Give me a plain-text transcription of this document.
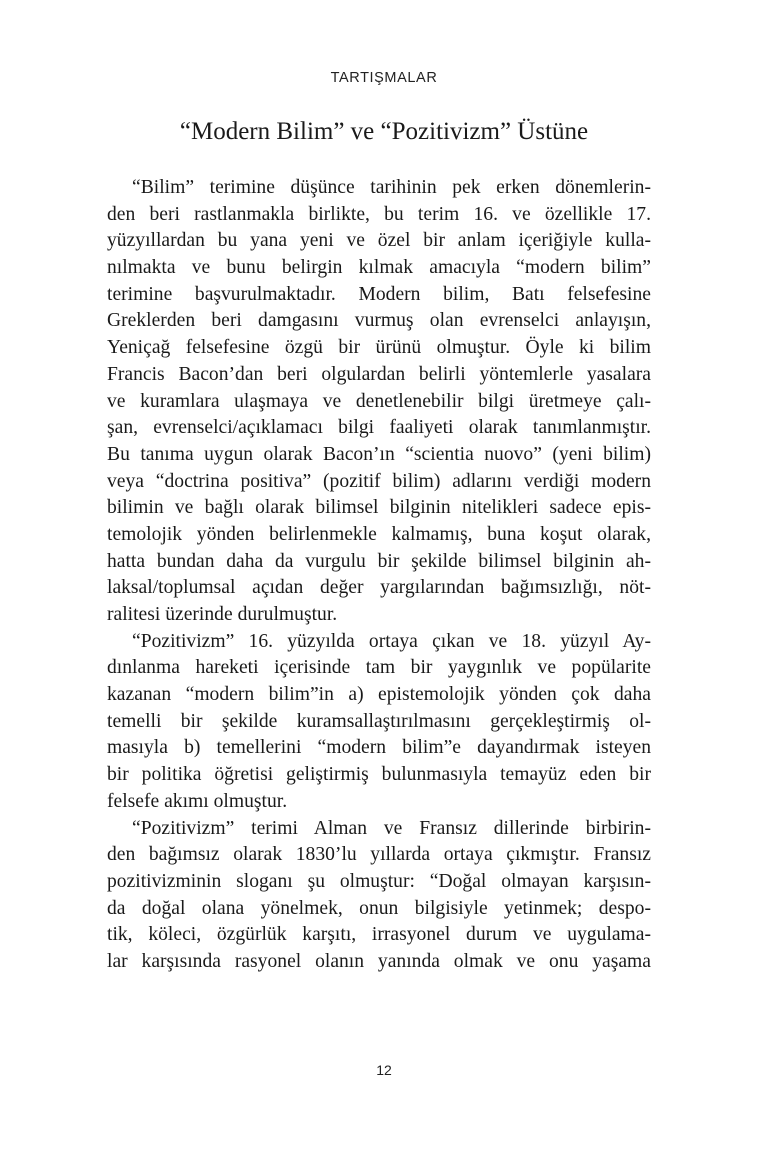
TARTIŞMALAR
“Modern Bilim” ve “Pozitivizm” Üstüne
“Bilim” terimine düşünce tarihinin pek erken dönemlerin-
den beri rastlanmakla birlikte, bu terim 16. ve özellikle 17.
yüzyıllardan bu yana yeni ve özel bir anlam içeriğiyle kulla-
nılmakta ve bunu belirgin kılmak amacıyla “modern bilim”
terimine başvurulmaktadır. Modern bilim, Batı felsefesine
Greklerden beri damgasını vurmuş olan evrenselci anlayışın,
Yeniçağ felsefesine özgü bir ürünü olmuştur. Öyle ki bilim
Francis Bacon’dan beri olgulardan belirli yöntemlerle yasalara
ve kuramlara ulaşmaya ve denetlenebilir bilgi üretmeye çalı-
şan, evrenselci/açıklamacı bilgi faaliyeti olarak tanımlanmıştır.
Bu tanıma uygun olarak Bacon’ın “scientia nuovo” (yeni bilim)
veya “doctrina positiva” (pozitif bilim) adlarını verdiği modern
bilimin ve bağlı olarak bilimsel bilginin nitelikleri sadece epis-
temolojik yönden belirlenmekle kalmamış, buna koşut olarak,
hatta bundan daha da vurgulu bir şekilde bilimsel bilginin ah-
laksal/toplumsal açıdan değer yargılarından bağımsızlığı, nöt-
ralitesi üzerinde durulmuştur.
“Pozitivizm” 16. yüzyılda ortaya çıkan ve 18. yüzyıl Ay-
dınlanma hareketi içerisinde tam bir yaygınlık ve popülarite
kazanan “modern bilim”in a) epistemolojik yönden çok daha
temelli bir şekilde kuramsallaştırılmasını gerçekleştirmiş ol-
masıyla b) temellerini “modern bilim”e dayandırmak isteyen
bir politika öğretisi geliştirmiş bulunmasıyla temayüz eden bir
felsefe akımı olmuştur.
“Pozitivizm” terimi Alman ve Fransız dillerinde birbirin-
den bağımsız olarak 1830’lu yıllarda ortaya çıkmıştır. Fransız
pozitivizminin sloganı şu olmuştur: “Doğal olmayan karşısın-
da doğal olana yönelmek, onun bilgisiyle yetinmek; despo-
tik, köleci, özgürlük karşıtı, irrasyonel durum ve uygulama-
lar karşısında rasyonel olanın yanında olmak ve onu yaşama
12
